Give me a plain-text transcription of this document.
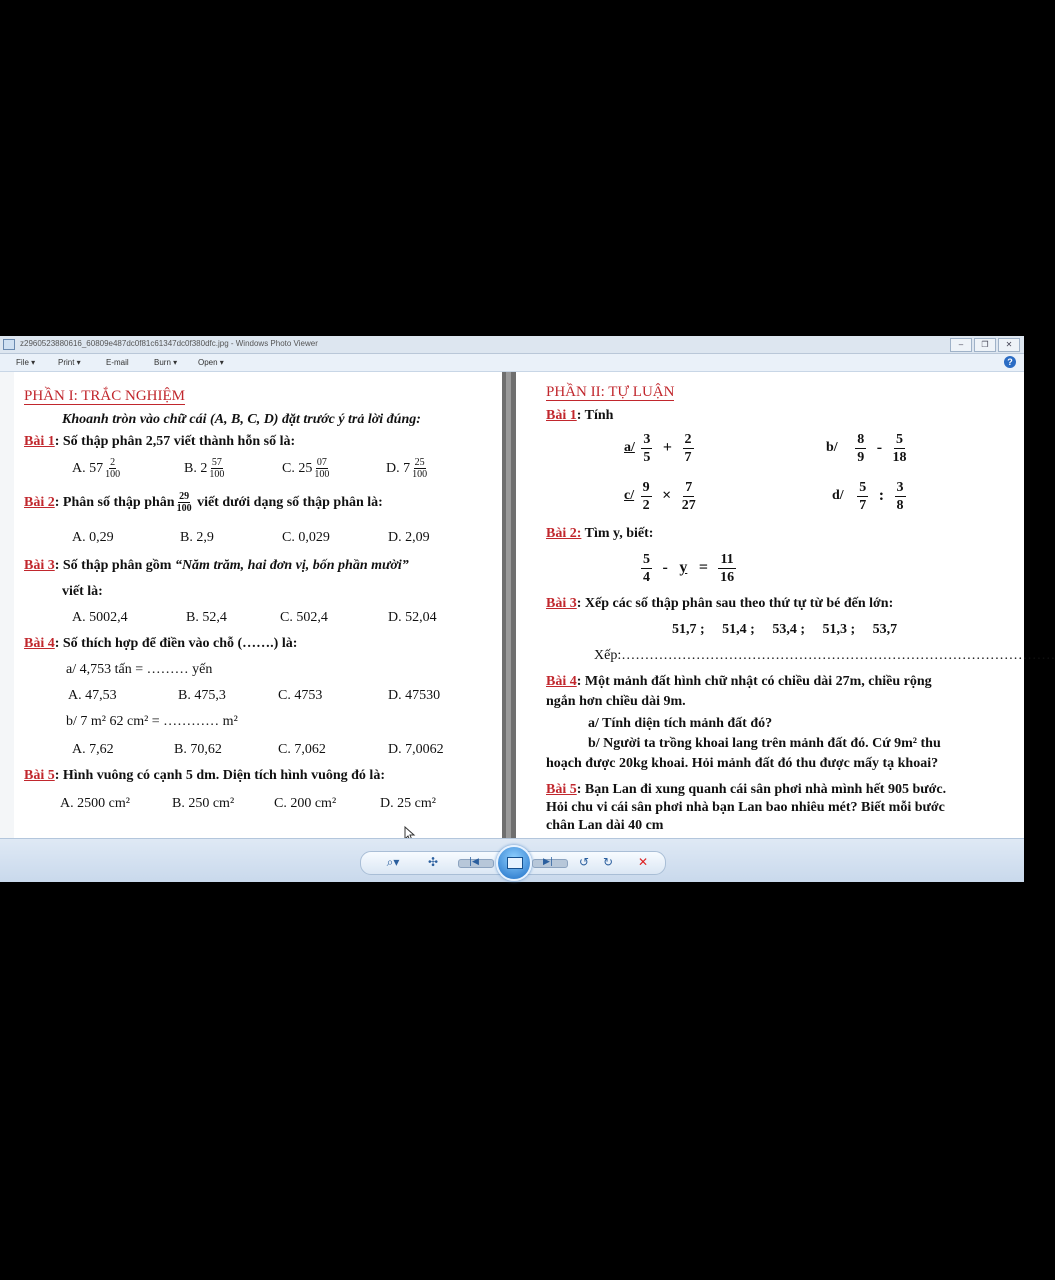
z2960523880616_60809e487dc0f81c61347dc0f380dfc.jpg - Windows Photo Viewer	–	❐	✕
File ▾	Print ▾	E-mail	Burn ▾	Open ▾	?
PHẦN I: TRẮC NGHIỆM
Khoanh tròn vào chữ cái (A, B, C, D) đặt trước ý trả lời đúng:
Bài 1: Số thập phân 2,57 viết thành hỗn số là:
A. $57 \frac{2}{100}$	B. $2 \frac{57}{100}$	C. $25 \frac{07}{100}$	D. $7 \frac{25}{100}$
Bài 2: Phân số thập phân $\frac{29}{100}$ viết dưới dạng số thập phân là:
A. 0,29	B. 2,9	C. 0,029	D. 2,09
Bài 3: Số thập phân gồm “Năm trăm, hai đơn vị, bốn phần mười”
viết là:
A. 5002,4	B. 52,4	C. 502,4	D. 52,04
Bài 4: Số thích hợp để điền vào chỗ (…….) là:
a/ 4,753 tấn = ……… yến
A. 47,53	B. 475,3	C. 4753	D. 47530
b/ 7 m² 62 cm² = ………… m²
A. 7,62	B. 70,62	C. 7,062	D. 7,0062
Bài 5: Hình vuông có cạnh 5 dm. Diện tích hình vuông đó là:
A. 2500 cm²	B. 250 cm²	C. 200 cm²	D. 25 cm²
PHẦN II: TỰ LUẬN
Bài 1: Tính
$a/ \frac{3}{5} + \frac{2}{7}$	$b/ \frac{8}{9} - \frac{5}{18}$
$c/ \frac{9}{2} \times \frac{7}{27}$	$d/ \frac{5}{7}$ : $\frac{3}{8}$
Bài 2: Tìm y, biết:
$\frac{5}{4} - y = \frac{11}{16}$
Bài 3: Xếp các số thập phân sau theo thứ tự từ bé đến lớn:
51,7 ;     51,4 ;     53,4 ;     51,3 ;     53,7
Xếp:…………………………………………………………………………………
Bài 4: Một mảnh đất hình chữ nhật có chiều dài 27m, chiều rộng
ngắn hơn chiều dài 9m.
a/ Tính diện tích mảnh đất đó?
b/ Người ta trồng khoai lang trên mảnh đất đó. Cứ 9m² thu
hoạch được 20kg khoai. Hỏi mảnh đất đó thu được mấy tạ khoai?
Bài 5: Bạn Lan đi xung quanh cái sân phơi nhà mình hết 905 bước.
Hỏi chu vi cái sân phơi nhà bạn Lan bao nhiêu mét? Biết mỗi bước
chân Lan dài 40 cm
⌕▾	✣	|◀	▶|	↺ ↻	✕
